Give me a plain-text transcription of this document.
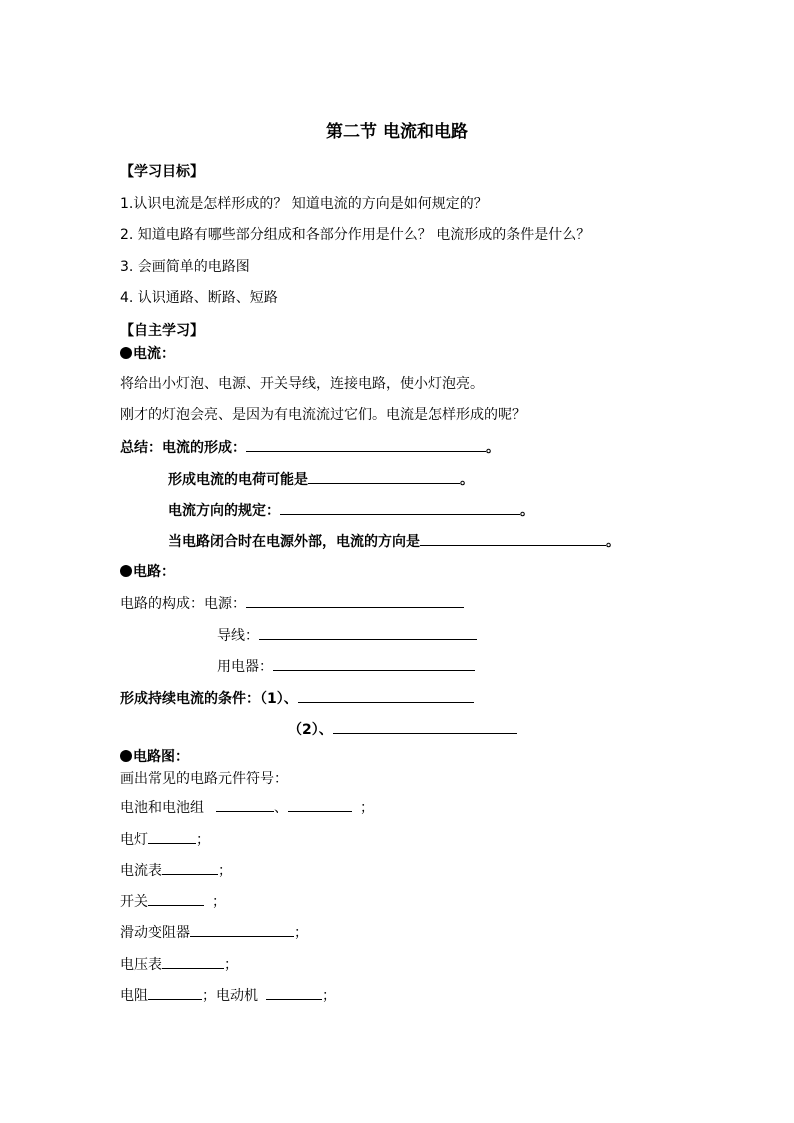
第二节 电流和电路
【学习目标】
1.认识电流是怎样形成的？ 知道电流的方向是如何规定的？
2. 知道电路有哪些部分组成和各部分作用是什么？ 电流形成的条件是什么？
3. 会画简单的电路图
4. 认识通路、断路、短路
【自主学习】
电流：
将给出小灯泡、电源、开关导线，连接电路，使小灯泡亮。
刚才的灯泡会亮、是因为有电流流过它们。电流是怎样形成的呢？
总结：电流的形成：	。
形成电流的电荷可能是	。
电流方向的规定：	。
当电路闭合时在电源外部，电流的方向是	。
电路：
电路的构成：电源：
导线：
用电器：
形成持续电流的条件：（1）、
（2）、
电路图：
画出常见的电路元件符号：
电池和电池组	、	；
电灯	；
电流表	；
开关	；
滑动变阻器	；
电压表	；
电阻	；电动机	；
